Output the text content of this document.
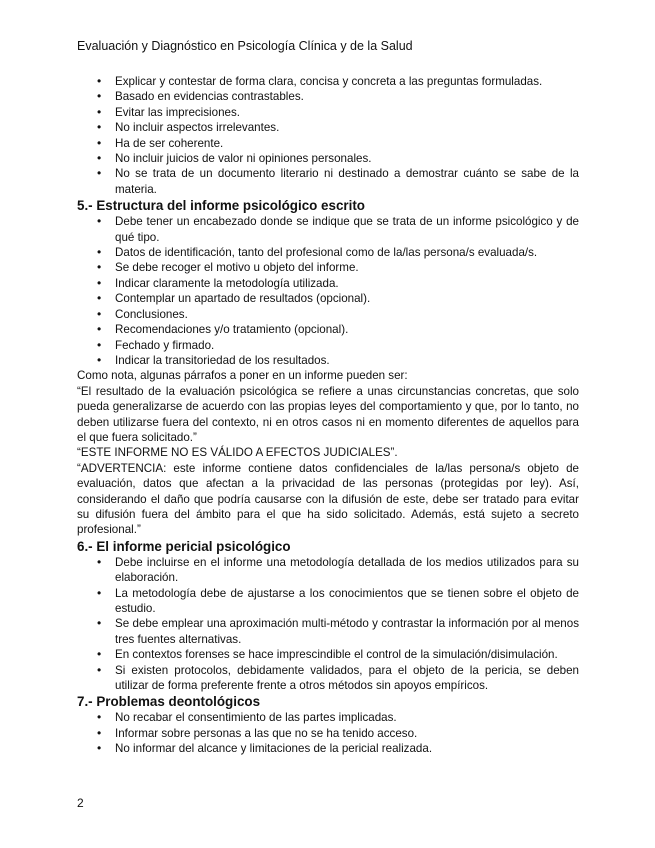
Evaluación y Diagnóstico en Psicología Clínica y de la Salud
• Explicar y contestar de forma clara, concisa y concreta a las preguntas formuladas.
• Basado en evidencias contrastables.
• Evitar las imprecisiones.
• No incluir aspectos irrelevantes.
• Ha de ser coherente.
• No incluir juicios de valor ni opiniones personales.
• No se trata de un documento literario ni destinado a demostrar cuánto se sabe de la materia.
5.- Estructura del informe psicológico escrito
• Debe tener un encabezado donde se indique que se trata de un informe psicológico y de qué tipo.
• Datos de identificación, tanto del profesional como de la/las persona/s evaluada/s.
• Se debe recoger el motivo u objeto del informe.
• Indicar claramente la metodología utilizada.
• Contemplar un apartado de resultados (opcional).
• Conclusiones.
• Recomendaciones y/o tratamiento (opcional).
• Fechado y firmado.
• Indicar la transitoriedad de los resultados.

Como nota, algunas párrafos a poner en un informe pueden ser:

“El resultado de la evaluación psicológica se refiere a unas circunstancias concretas, que solo pueda generalizarse de acuerdo con las propias leyes del comportamiento y que, por lo tanto, no deben utilizarse fuera del contexto, ni en otros casos ni en momento diferentes de aquellos para el que fuera solicitado.”

“ESTE INFORME NO ES VÁLIDO A EFECTOS JUDICIALES”.

“ADVERTENCIA: este informe contiene datos confidenciales de la/las persona/s objeto de evaluación, datos que afectan a la privacidad de las personas (protegidas por ley). Así, considerando el daño que podría causarse con la difusión de este, debe ser tratado para evitar su difusión fuera del ámbito para el que ha sido solicitado. Además, está sujeto a secreto profesional.”

6.- El informe pericial psicológico
• Debe incluirse en el informe una metodología detallada de los medios utilizados para su elaboración.
• La metodología debe de ajustarse a los conocimientos que se tienen sobre el objeto de estudio.
• Se debe emplear una aproximación multi-método y contrastar la información por al menos tres fuentes alternativas.
• En contextos forenses se hace imprescindible el control de la simulación/disimulación.
• Si existen protocolos, debidamente validados, para el objeto de la pericia, se deben utilizar de forma preferente frente a otros métodos sin apoyos empíricos.
7.- Problemas deontológicos
• No recabar el consentimiento de las partes implicadas.
• Informar sobre personas a las que no se ha tenido acceso.
• No informar del alcance y limitaciones de la pericial realizada.
2
